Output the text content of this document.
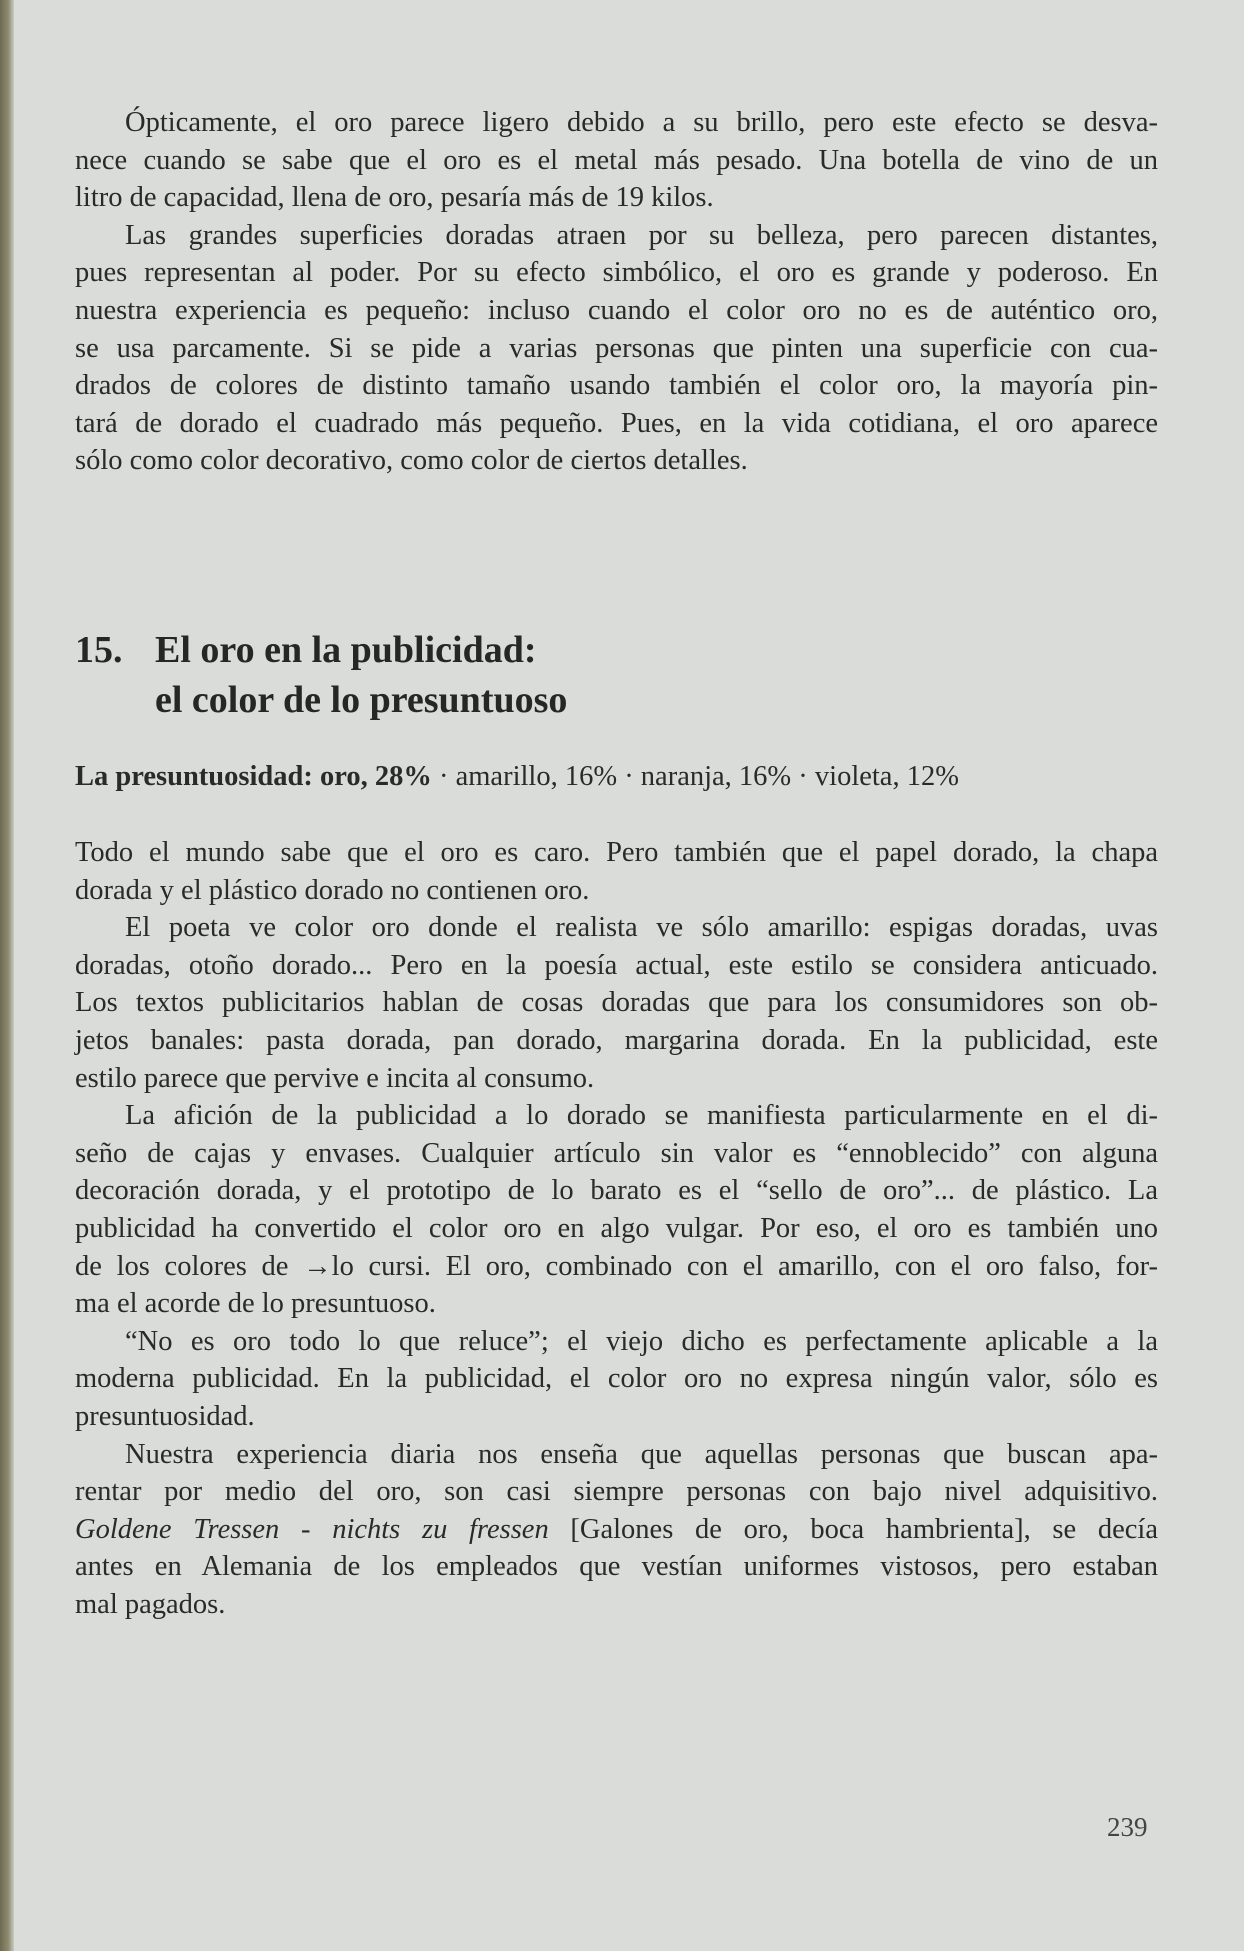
Ópticamente, el oro parece ligero debido a su brillo, pero este efecto se desva-
nece cuando se sabe que el oro es el metal más pesado. Una botella de vino de un
litro de capacidad, llena de oro, pesaría más de 19 kilos.
Las grandes superficies doradas atraen por su belleza, pero parecen distantes,
pues representan al poder. Por su efecto simbólico, el oro es grande y poderoso. En
nuestra experiencia es pequeño: incluso cuando el color oro no es de auténtico oro,
se usa parcamente. Si se pide a varias personas que pinten una superficie con cua-
drados de colores de distinto tamaño usando también el color oro, la mayoría pin-
tará de dorado el cuadrado más pequeño. Pues, en la vida cotidiana, el oro aparece
sólo como color decorativo, como color de ciertos detalles.
15. El oro en la publicidad:
el color de lo presuntuoso
La presuntuosidad: oro, 28% · amarillo, 16% · naranja, 16% · violeta, 12%
Todo el mundo sabe que el oro es caro. Pero también que el papel dorado, la chapa
dorada y el plástico dorado no contienen oro.
El poeta ve color oro donde el realista ve sólo amarillo: espigas doradas, uvas
doradas, otoño dorado... Pero en la poesía actual, este estilo se considera anticuado.
Los textos publicitarios hablan de cosas doradas que para los consumidores son ob-
jetos banales: pasta dorada, pan dorado, margarina dorada. En la publicidad, este
estilo parece que pervive e incita al consumo.
La afición de la publicidad a lo dorado se manifiesta particularmente en el di-
seño de cajas y envases. Cualquier artículo sin valor es “ennoblecido” con alguna
decoración dorada, y el prototipo de lo barato es el “sello de oro”... de plástico. La
publicidad ha convertido el color oro en algo vulgar. Por eso, el oro es también uno
de los colores de →lo cursi. El oro, combinado con el amarillo, con el oro falso, for-
ma el acorde de lo presuntuoso.
“No es oro todo lo que reluce”; el viejo dicho es perfectamente aplicable a la
moderna publicidad. En la publicidad, el color oro no expresa ningún valor, sólo es
presuntuosidad.
Nuestra experiencia diaria nos enseña que aquellas personas que buscan apa-
rentar por medio del oro, son casi siempre personas con bajo nivel adquisitivo.
Goldene Tressen - nichts zu fressen [Galones de oro, boca hambrienta], se decía
antes en Alemania de los empleados que vestían uniformes vistosos, pero estaban
mal pagados.
239
